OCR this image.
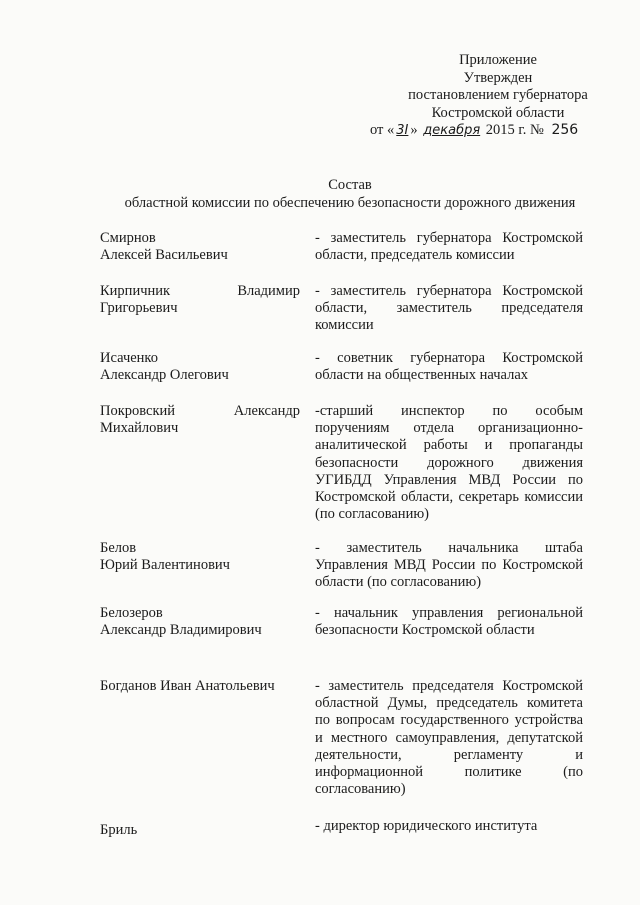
Приложение
Утвержден
постановлением губернатора
Костромской области
от « 3I » декабря 2015 г. № 256
Состав
областной комиссии по обеспечению безопасности дорожного движения
Смирнов
Алексей Васильевич
- заместитель губернатора Костромской области, председатель комиссии
Кирпичник Владимир
Григорьевич
- заместитель губернатора Костромской области, заместитель председателя комиссии
Исаченко
Александр Олегович
- советник губернатора Костромской области на общественных началах
Покровский Александр
Михайлович
-старший инспектор по особым поручениям отдела организационно-аналитической работы и пропаганды безопасности дорожного движения УГИБДД Управления МВД России по Костромской области, секретарь комиссии (по согласованию)
Белов
Юрий Валентинович
- заместитель начальника штаба Управления МВД России по Костромской области (по согласованию)
Белозеров
Александр Владимирович
- начальник управления региональной безопасности Костромской области
Богданов Иван Анатольевич	- заместитель председателя Костромской областной Думы, председатель комитета по вопросам государственного устройства и местного самоуправления, депутатской деятельности, регламенту и информационной политике (по согласованию)
Бриль	- директор юридического института
